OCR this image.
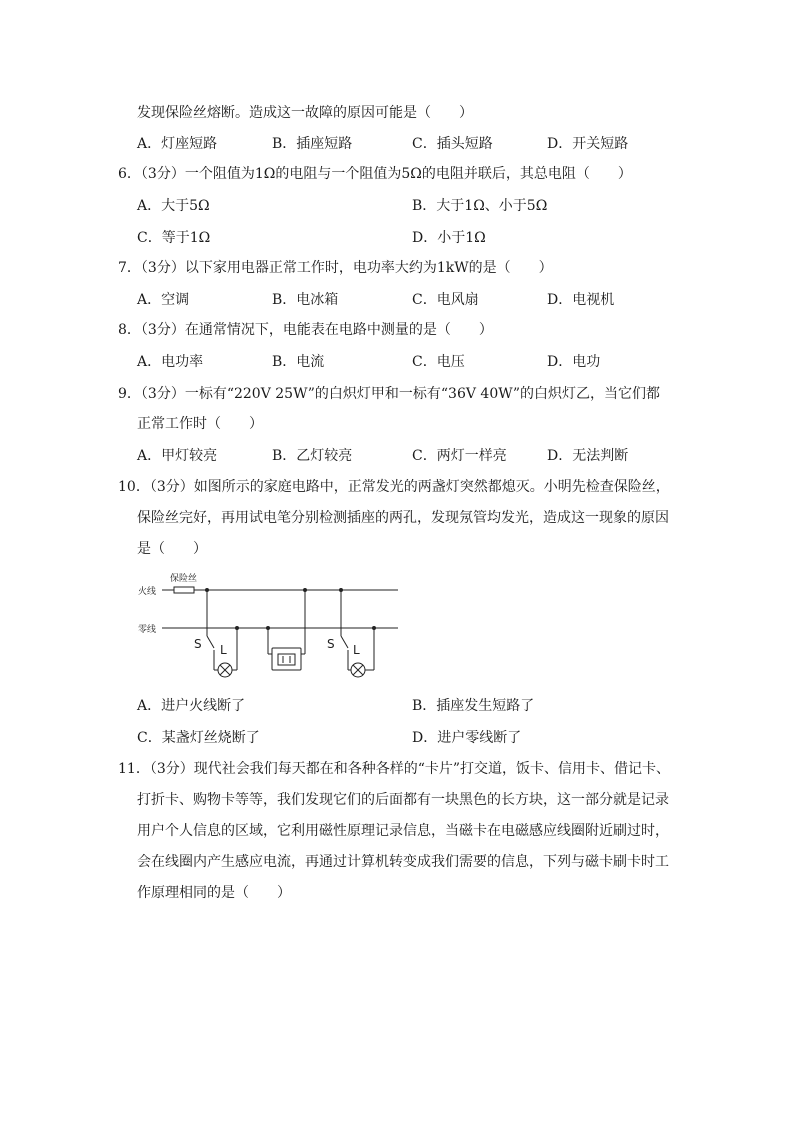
发现保险丝熔断。造成这一故障的原因可能是（　　）
A．灯座短路	B．插座短路	C．插头短路	D．开关短路
6．（3分）一个阻值为1Ω的电阻与一个阻值为5Ω的电阻并联后，其总电阻（　　）
A．大于5Ω	B．大于1Ω、小于5Ω
C．等于1Ω	D．小于1Ω
7．（3分）以下家用电器正常工作时，电功率大约为1kW的是（　　）
A．空调	B．电冰箱	C．电风扇	D．电视机
8．（3分）在通常情况下，电能表在电路中测量的是（　　）
A．电功率	B．电流	C．电压	D．电功
9．（3分）一标有“220V 25W”的白炽灯甲和一标有“36V 40W”的白炽灯乙，当它们都
正常工作时（　　）
A．甲灯较亮	B．乙灯较亮	C．两灯一样亮	D．无法判断
10．（3分）如图所示的家庭电路中，正常发光的两盏灯突然都熄灭。小明先检查保险丝，
保险丝完好，再用试电笔分别检测插座的两孔，发现氖管均发光，造成这一现象的原因
是（　　）
火线
零线
保险丝
S L	S L
A．进户火线断了	B．插座发生短路了
C．某盏灯丝烧断了	D．进户零线断了
11．（3分）现代社会我们每天都在和各种各样的“卡片”打交道，饭卡、信用卡、借记卡、
打折卡、购物卡等等，我们发现它们的后面都有一块黑色的长方块，这一部分就是记录
用户个人信息的区域，它利用磁性原理记录信息，当磁卡在电磁感应线圈附近刷过时，
会在线圈内产生感应电流，再通过计算机转变成我们需要的信息，下列与磁卡刷卡时工
作原理相同的是（　　）
